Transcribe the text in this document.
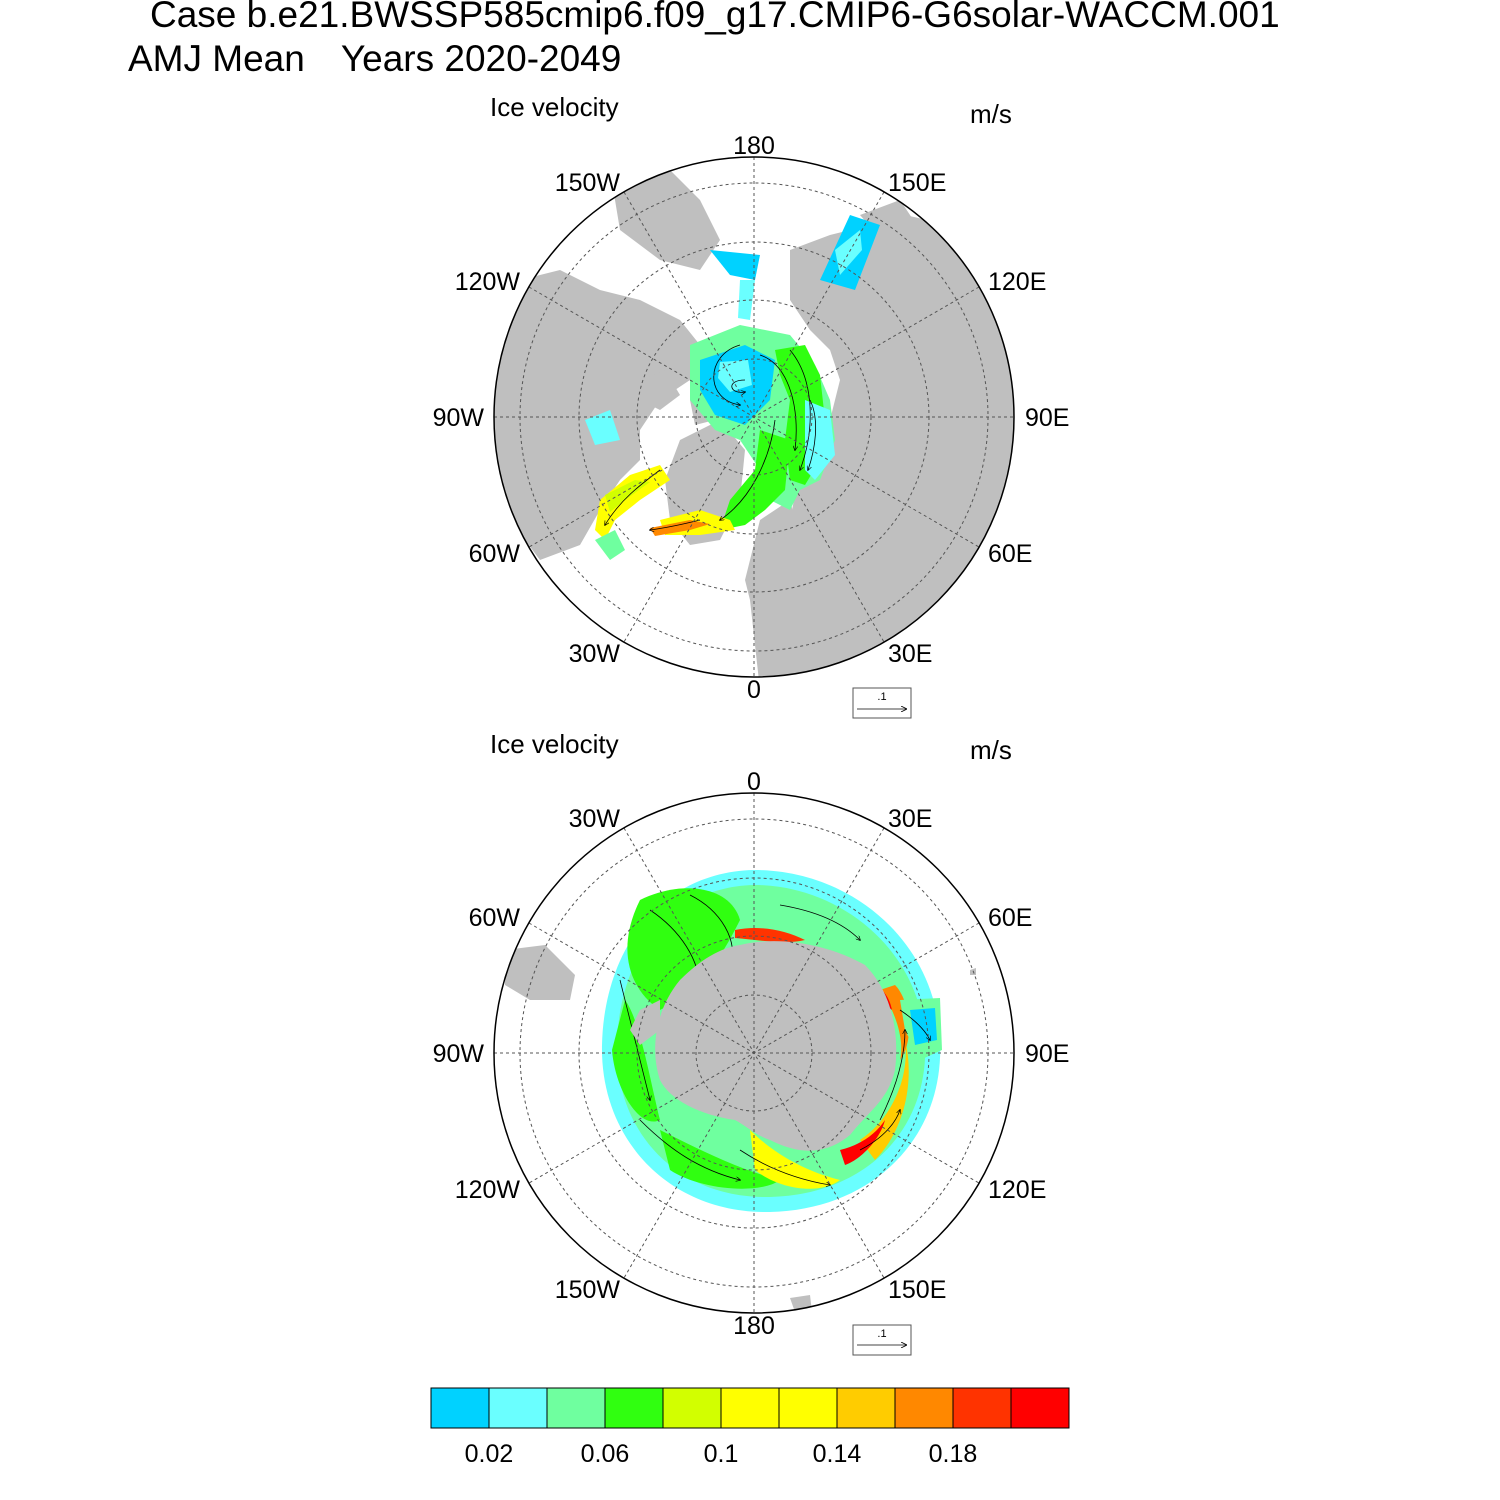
Case b.e21.BWSSP585cmip6.f09_g17.CMIP6-G6solar-WACCM.001
AMJ Mean Years 2020-2049
Ice velocity	m/s
Ice velocity	m/s
180
0
90W	90E
150W
120W
60W
30W
150E
120E
60E
30E
.1
0
180
90W	90E
30W
60W
120W
150W
30E
60E
120E
150E
.1
0.02	0.06	0.1	0.14	0.18
